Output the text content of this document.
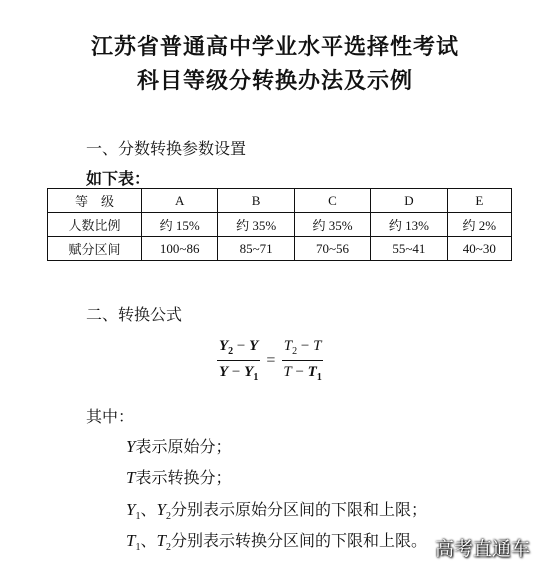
江苏省普通高中学业水平选择性考试
科目等级分转换办法及示例
一、分数转换参数设置
如下表：
等　级	A	B	C	D	E
人数比例	约 15%	约 35%	约 35%	约 13%	约 2%
赋分区间	100~86	85~71	70~56	55~41	40~30
二、转换公式
$\frac{Y_2 - Y}{Y - Y_1} = \frac{T_2 - T}{T - T_1}$
其中：
Y表示原始分；
T表示转换分；
$Y_1$、$Y_2$分别表示原始分区间的下限和上限；
$T_1$、$T_2$分别表示转换分区间的下限和上限。 高考直通车
